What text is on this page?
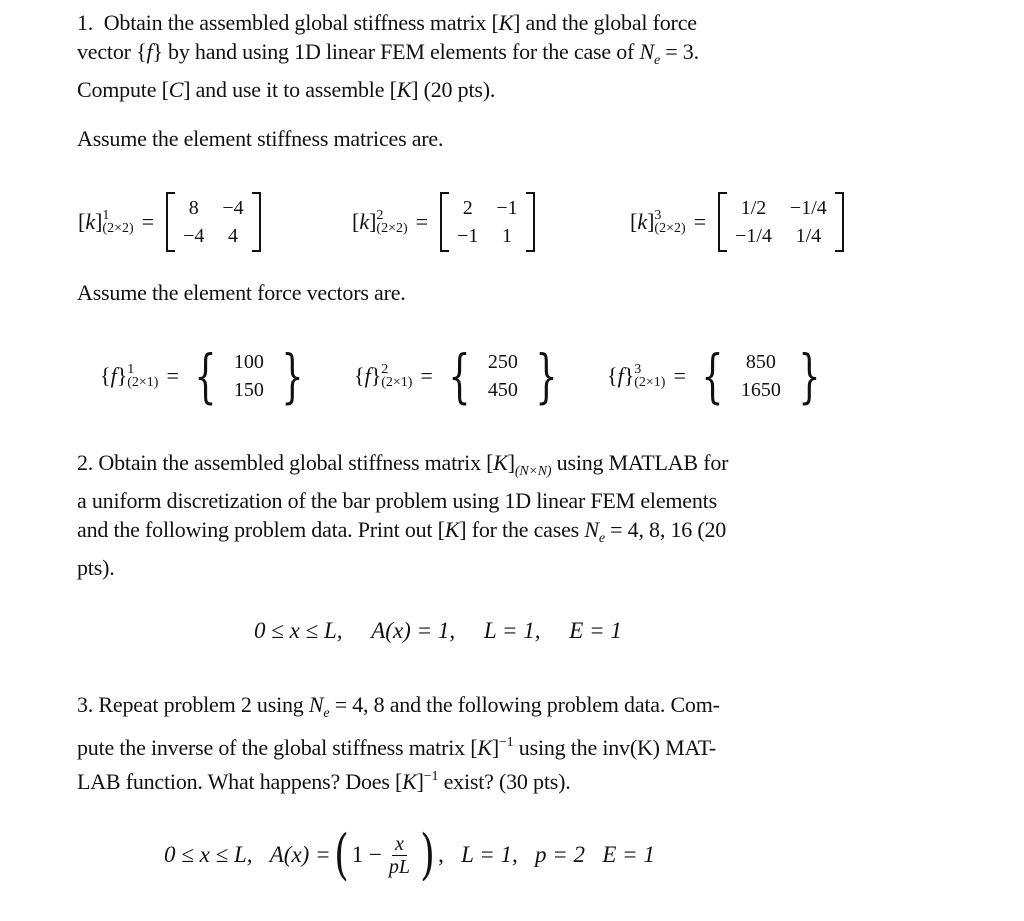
1. Obtain the assembled global stiffness matrix [K] and the global force
vector {f} by hand using 1D linear FEM elements for the case of $N_e = 3$.
Compute [C] and use it to assemble [K] (20 pts).
Assume the element stiffness matrices are.
[ k ] 1
(2×2) =
8 −4
−4 4
[ k ] 2
(2×2) =
2 −1
−1 1
[ k ] 3
(2×2) =
1/2 −1/4
−1/4 1/4
Assume the element force vectors are.
{ f } 1
(2×1) = { 100
150 } { f } 2
(2×1) = { 250
450 } { f } 3
(2×1) = { 850
1650 }
2. Obtain the assembled global stiffness matrix $[K]_{(N\times N)}$ using MATLAB for
a uniform discretization of the bar problem using 1D linear FEM elements
and the following problem data. Print out [K] for the cases $N_e = 4$, 8, 16 (20
pts).
0 ≤ x ≤ L,
A(x) = 1,
L = 1,
E = 1
3. Repeat problem 2 using $N_e = 4$, 8 and the following problem data. Com-
pute the inverse of the global stiffness matrix $[K]^{-1}$ using the inv(K) MAT-
LAB function. What happens? Does $[K]^{-1}$ exist? (30 pts).
0 ≤ x ≤ L,
A(x) = ( $1 - \frac{x}{pL}$ ) ,
L = 1,
p = 2
E = 1
